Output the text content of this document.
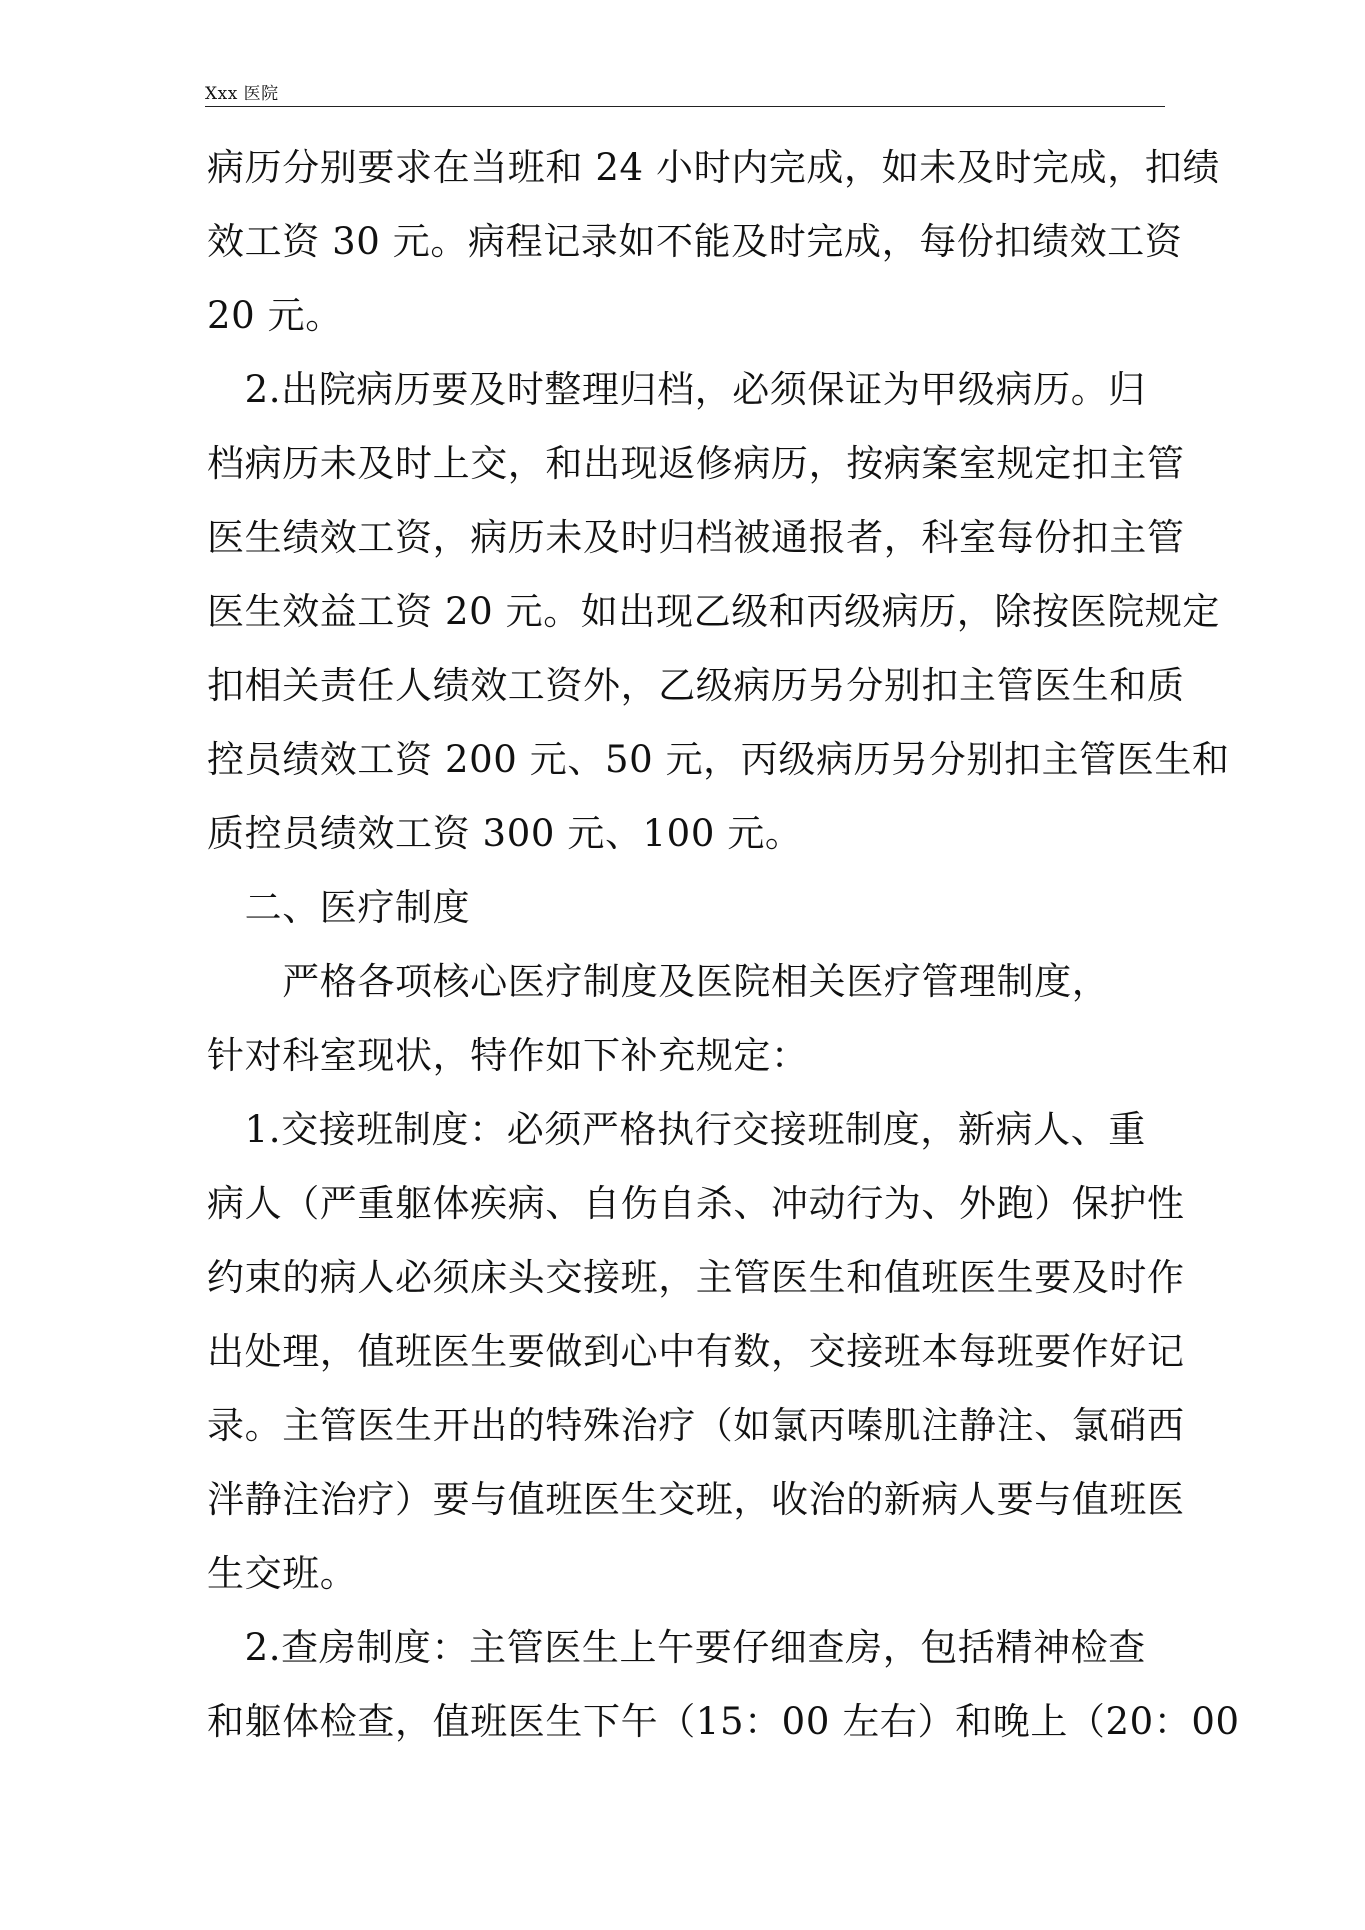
Xxx 医院
病历分别要求在当班和 24 小时内完成，如未及时完成，扣绩
效工资 30 元。病程记录如不能及时完成，每份扣绩效工资
20 元。
　2.出院病历要及时整理归档，必须保证为甲级病历。归
档病历未及时上交，和出现返修病历，按病案室规定扣主管
医生绩效工资，病历未及时归档被通报者，科室每份扣主管
医生效益工资 20 元。如出现乙级和丙级病历，除按医院规定
扣相关责任人绩效工资外，乙级病历另分别扣主管医生和质
控员绩效工资 200 元、50 元，丙级病历另分别扣主管医生和
质控员绩效工资 300 元、100 元。
　二、医疗制度
　　严格各项核心医疗制度及医院相关医疗管理制度，
针对科室现状，特作如下补充规定：
　1.交接班制度：必须严格执行交接班制度，新病人、重
病人（严重躯体疾病、自伤自杀、冲动行为、外跑）保护性
约束的病人必须床头交接班，主管医生和值班医生要及时作
出处理，值班医生要做到心中有数，交接班本每班要作好记
录。主管医生开出的特殊治疗（如氯丙嗪肌注静注、氯硝西
泮静注治疗）要与值班医生交班，收治的新病人要与值班医
生交班。
　2.查房制度：主管医生上午要仔细查房，包括精神检查
和躯体检查，值班医生下午（15：00 左右）和晚上（20：00
